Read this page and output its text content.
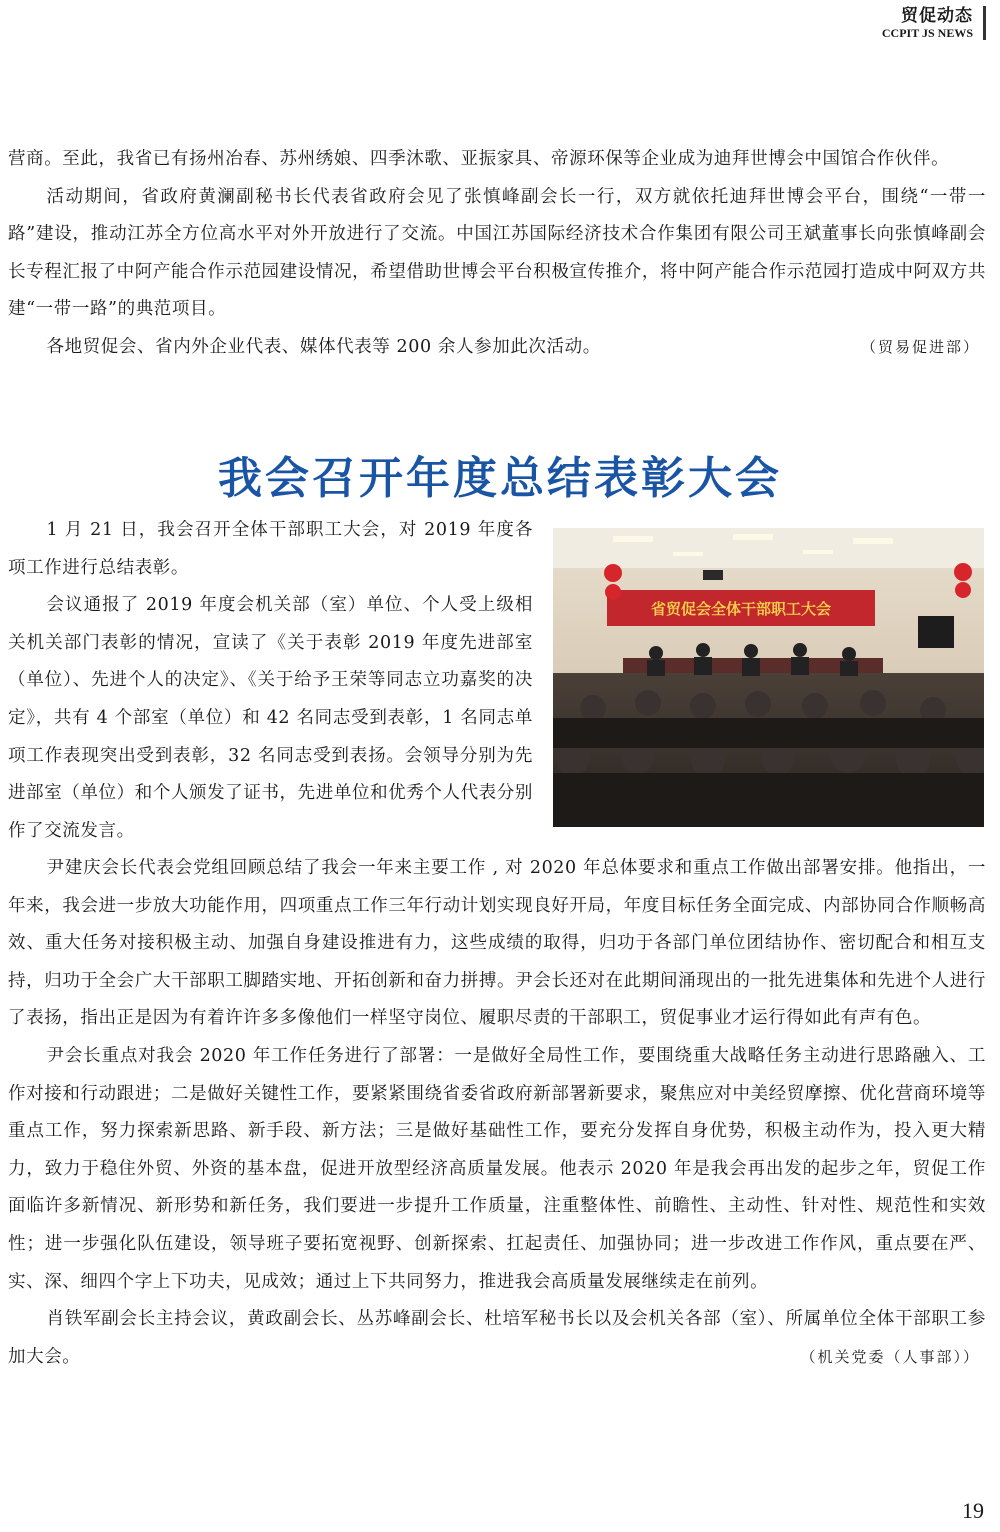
贸促动态
CCPIT JS NEWS

营商。至此，我省已有扬州冶春、苏州绣娘、四季沐歌、亚振家具、帝源环保等企业成为迪拜世博会中国馆合作伙伴。

活动期间，省政府黄澜副秘书长代表省政府会见了张慎峰副会长一行，双方就依托迪拜世博会平台，围绕“一带一路”建设，推动江苏全方位高水平对外开放进行了交流。中国江苏国际经济技术合作集团有限公司王斌董事长向张慎峰副会长专程汇报了中阿产能合作示范园建设情况，希望借助世博会平台积极宣传推介，将中阿产能合作示范园打造成中阿双方共建“一带一路”的典范项目。

各地贸促会、省内外企业代表、媒体代表等 200 余人参加此次活动。	（贸易促进部）

我会召开年度总结表彰大会

1 月 21 日，我会召开全体干部职工大会，对 2019 年度各项工作进行总结表彰。

会议通报了 2019 年度会机关部（室）单位、个人受上级相关机关部门表彰的情况，宣读了《关于表彰 2019 年度先进部室（单位）、先进个人的决定》、《关于给予王荣等同志立功嘉奖的决定》，共有 4 个部室（单位）和 42 名同志受到表彰，1 名同志单项工作表现突出受到表彰，32 名同志受到表扬。会领导分别为先进部室（单位）和个人颁发了证书，先进单位和优秀个人代表分别作了交流发言。

省贸促会全体干部职工大会

尹建庆会长代表会党组回顾总结了我会一年来主要工作 , 对 2020 年总体要求和重点工作做出部署安排。他指出，一年来，我会进一步放大功能作用，四项重点工作三年行动计划实现良好开局，年度目标任务全面完成、内部协同合作顺畅高效、重大任务对接积极主动、加强自身建设推进有力，这些成绩的取得，归功于各部门单位团结协作、密切配合和相互支持，归功于全会广大干部职工脚踏实地、开拓创新和奋力拼搏。尹会长还对在此期间涌现出的一批先进集体和先进个人进行了表扬，指出正是因为有着许许多多像他们一样坚守岗位、履职尽责的干部职工，贸促事业才运行得如此有声有色。

尹会长重点对我会 2020 年工作任务进行了部署：一是做好全局性工作，要围绕重大战略任务主动进行思路融入、工作对接和行动跟进；二是做好关键性工作，要紧紧围绕省委省政府新部署新要求，聚焦应对中美经贸摩擦、优化营商环境等重点工作，努力探索新思路、新手段、新方法；三是做好基础性工作，要充分发挥自身优势，积极主动作为，投入更大精力，致力于稳住外贸、外资的基本盘，促进开放型经济高质量发展。他表示 2020 年是我会再出发的起步之年，贸促工作面临许多新情况、新形势和新任务，我们要进一步提升工作质量，注重整体性、前瞻性、主动性、针对性、规范性和实效性；进一步强化队伍建设，领导班子要拓宽视野、创新探索、扛起责任、加强协同；进一步改进工作作风，重点要在严、实、深、细四个字上下功夫，见成效；通过上下共同努力，推进我会高质量发展继续走在前列。

肖铁军副会长主持会议，黄政副会长、丛苏峰副会长、杜培军秘书长以及会机关各部（室）、所属单位全体干部职工参加大会。	（机关党委（人事部））

19
